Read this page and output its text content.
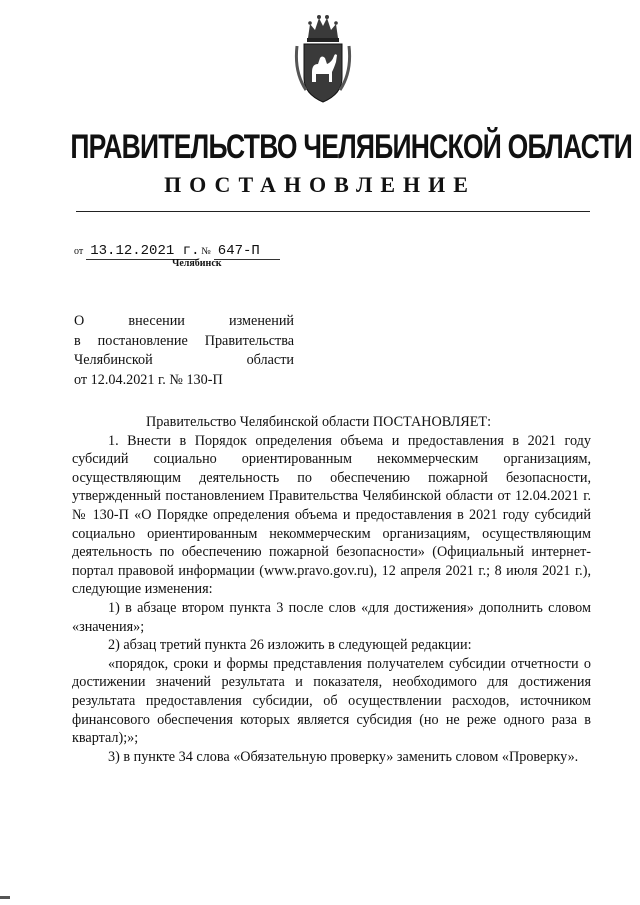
ПРАВИТЕЛЬСТВО ЧЕЛЯБИНСКОЙ ОБЛАСТИ
ПОСТАНОВЛЕНИЕ
от 13.12.2021 г. № 647-П
Челябинск
О внесении изменений
в постановление Правительства
Челябинской области
от 12.04.2021 г. № 130-П

Правительство Челябинской области ПОСТАНОВЛЯЕТ:

1. Внести в Порядок определения объема и предоставления в 2021 году субсидий социально ориентированным некоммерческим организациям, осуществляющим деятельность по обеспечению пожарной безопасности, утвержденный постановлением Правительства Челябинской области от 12.04.2021 г. № 130-П «О Порядке определения объема и предоставления в 2021 году субсидий социально ориентированным некоммерческим организациям, осуществляющим деятельность по обеспечению пожарной безопасности» (Официальный интернет-портал правовой информации (www.pravo.gov.ru), 12 апреля 2021 г.; 8 июля 2021 г.), следующие изменения:

1) в абзаце втором пункта 3 после слов «для достижения» дополнить словом «значения»;

2) абзац третий пункта 26 изложить в следующей редакции:

«порядок, сроки и формы представления получателем субсидии отчетности о достижении значений результата и показателя, необходимого для достижения результата предоставления субсидии, об осуществлении расходов, источником финансового обеспечения которых является субсидия (но не реже одного раза в квартал);»;

3) в пункте 34 слова «Обязательную проверку» заменить словом «Проверку».
